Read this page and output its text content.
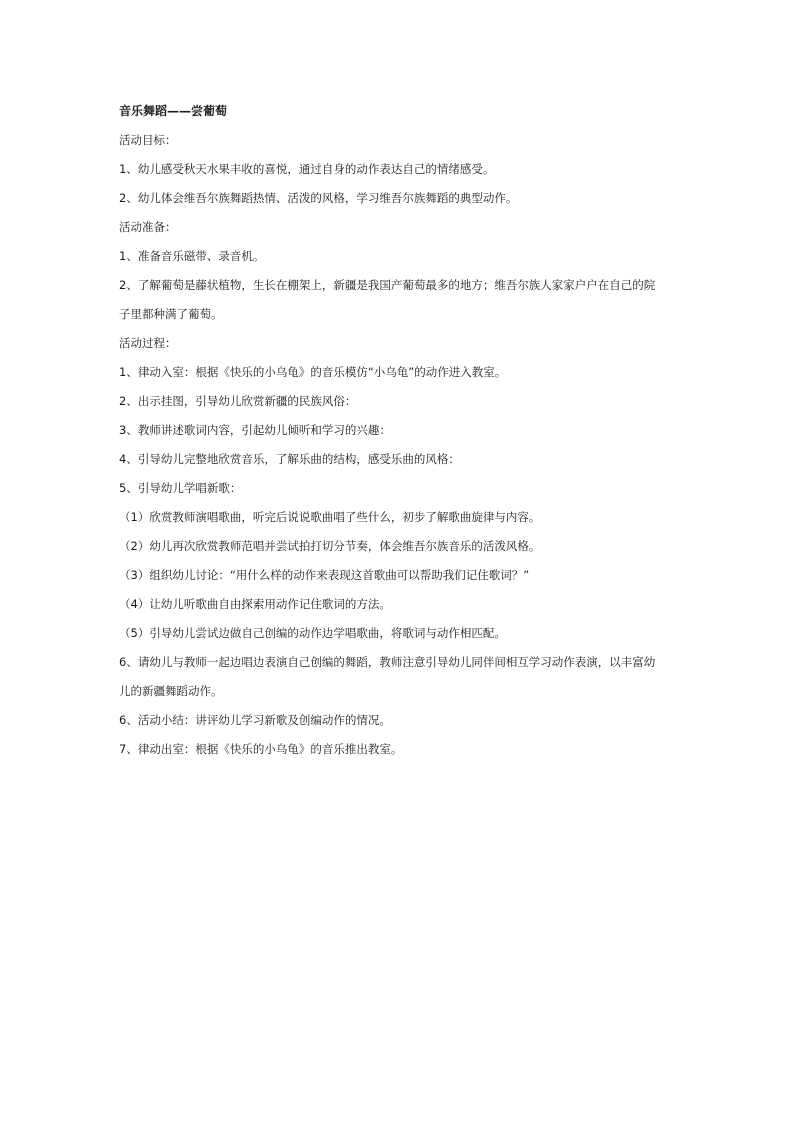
音乐舞蹈——尝葡萄
活动目标：
1、幼儿感受秋天水果丰收的喜悦，通过自身的动作表达自己的情绪感受。
2、幼儿体会维吾尔族舞蹈热情、活泼的风格，学习维吾尔族舞蹈的典型动作。
活动准备：
1、准备音乐磁带、录音机。
2、了解葡萄是藤状植物，生长在棚架上，新疆是我国产葡萄最多的地方；维吾尔族人家家户户在自己的院
子里都种满了葡萄。
活动过程：
1、律动入室：根据《快乐的小乌龟》的音乐模仿“小乌龟”的动作进入教室。
2、出示挂图，引导幼儿欣赏新疆的民族风俗：
3、教师讲述歌词内容，引起幼儿倾听和学习的兴趣：
4、引导幼儿完整地欣赏音乐，了解乐曲的结构，感受乐曲的风格：
5、引导幼儿学唱新歌：
（1）欣赏教师演唱歌曲，听完后说说歌曲唱了些什么，初步了解歌曲旋律与内容。
（2）幼儿再次欣赏教师范唱并尝试拍打切分节奏，体会维吾尔族音乐的活泼风格。
（3）组织幼儿讨论：“用什么样的动作来表现这首歌曲可以帮助我们记住歌词？”
（4）让幼儿听歌曲自由探索用动作记住歌词的方法。
（5）引导幼儿尝试边做自己创编的动作边学唱歌曲，将歌词与动作相匹配。
6、请幼儿与教师一起边唱边表演自己创编的舞蹈，教师注意引导幼儿同伴间相互学习动作表演，以丰富幼
儿的新疆舞蹈动作。
6、活动小结：讲评幼儿学习新歌及创编动作的情况。
7、律动出室：根据《快乐的小乌龟》的音乐推出教室。
